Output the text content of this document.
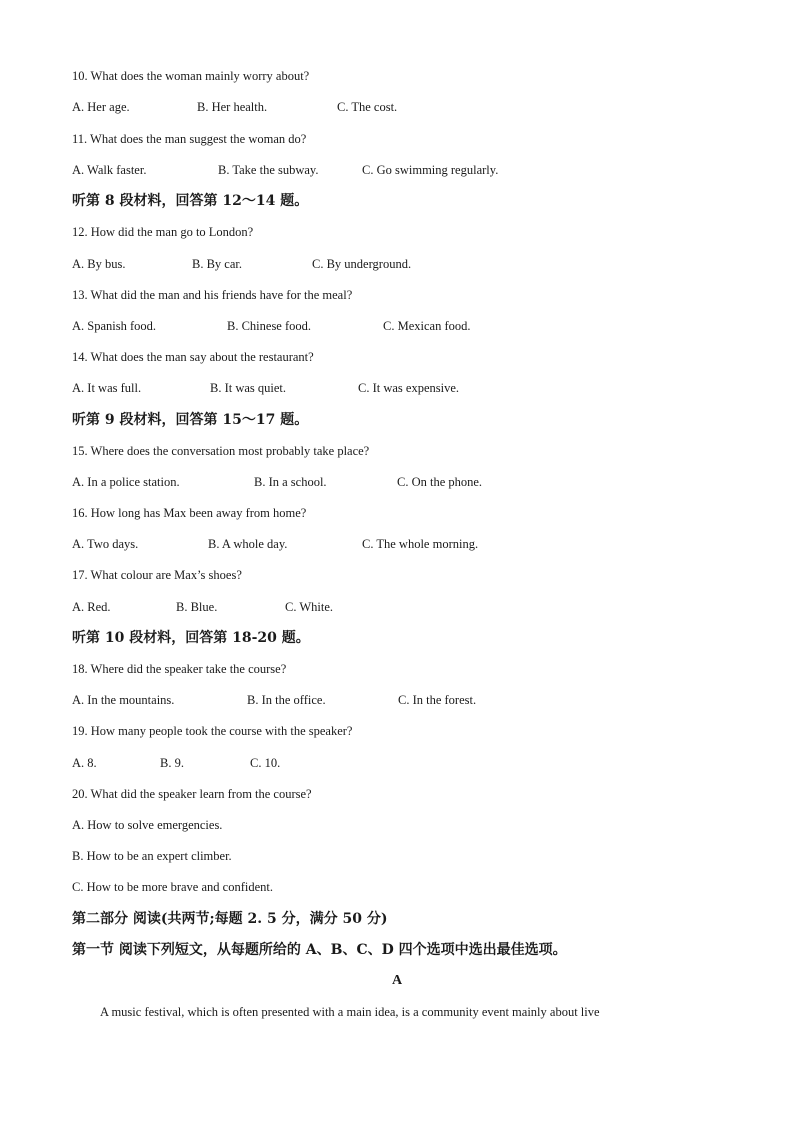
10. What does the woman mainly worry about?
A. Her age.	B. Her health.	C. The cost.
11. What does the man suggest the woman do?
A. Walk faster.	B. Take the subway.	C. Go swimming regularly.
听第 8 段材料，回答第 12～14 题。
12. How did the man go to London?
A. By bus.	B. By car.	C. By underground.
13. What did the man and his friends have for the meal?
A. Spanish food.	B. Chinese food.	C. Mexican food.
14. What does the man say about the restaurant?
A. It was full.	B. It was quiet.	C. It was expensive.
听第 9 段材料，回答第 15～17 题。
15. Where does the conversation most probably take place?
A. In a police station.	B. In a school.	C. On the phone.
16. How long has Max been away from home?
A. Two days.	B. A whole day.	C. The whole morning.
17. What colour are Max’s shoes?
A. Red.	B. Blue.	C. White.
听第 10 段材料，回答第 18-20 题。
18. Where did the speaker take the course?
A. In the mountains.	B. In the office.	C. In the forest.
19. How many people took the course with the speaker?
A. 8.	B. 9.	C. 10.
20. What did the speaker learn from the course?
A. How to solve emergencies.
B. How to be an expert climber.
C. How to be more brave and confident.
第二部分 阅读(共两节;每题 2. 5 分，满分 50 分)
第一节 阅读下列短文，从每题所给的 A、B、C、D 四个选项中选出最佳选项。
A
A music festival, which is often presented with a main idea, is a community event mainly about live
